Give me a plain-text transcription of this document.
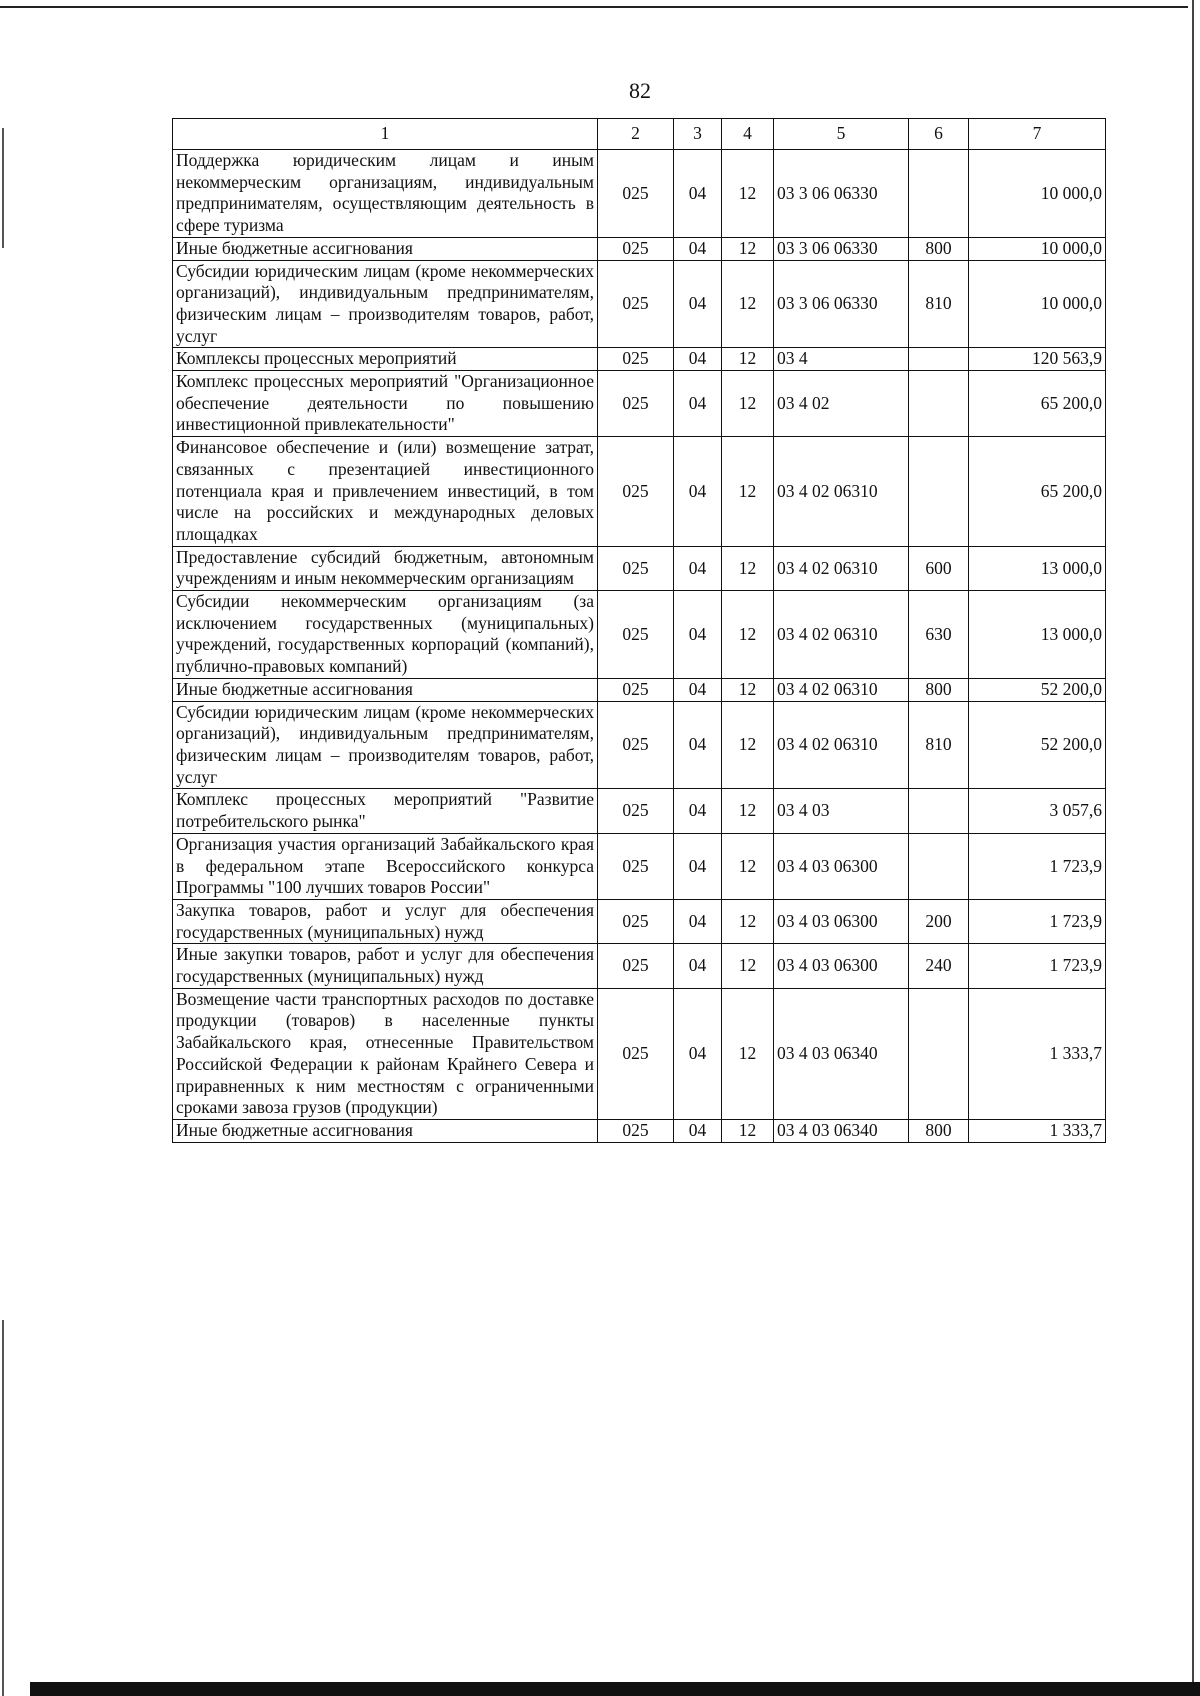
82
1	2	3	4	5	6	7
Поддержка юридическим лицам и иным некоммерческим организациям, индивидуальным предпринимателям, осуществляющим деятельность в сфере туризма	025	04	12	03 3 06 06330		10 000,0
Иные бюджетные ассигнования	025	04	12	03 3 06 06330	800	10 000,0
Субсидии юридическим лицам (кроме некоммерческих организаций), индивидуальным предпринимателям, физическим лицам – производителям товаров, работ, услуг	025	04	12	03 3 06 06330	810	10 000,0
Комплексы процессных мероприятий	025	04	12	03 4		120 563,9
Комплекс процессных мероприятий "Организационное обеспечение деятельности по повышению инвестиционной привлекательности"	025	04	12	03 4 02		65 200,0
Финансовое обеспечение и (или) возмещение затрат, связанных с презентацией инвестиционного потенциала края и привлечением инвестиций, в том числе на российских и международных деловых площадках	025	04	12	03 4 02 06310		65 200,0
Предоставление субсидий бюджетным, автономным учреждениям и иным некоммерческим организациям	025	04	12	03 4 02 06310	600	13 000,0
Субсидии некоммерческим организациям (за исключением государственных (муниципальных) учреждений, государственных корпораций (компаний), публично-правовых компаний)	025	04	12	03 4 02 06310	630	13 000,0
Иные бюджетные ассигнования	025	04	12	03 4 02 06310	800	52 200,0
Субсидии юридическим лицам (кроме некоммерческих организаций), индивидуальным предпринимателям, физическим лицам – производителям товаров, работ, услуг	025	04	12	03 4 02 06310	810	52 200,0
Комплекс процессных мероприятий "Развитие потребительского рынка"	025	04	12	03 4 03		3 057,6
Организация участия организаций Забайкальского края в федеральном этапе Всероссийского конкурса Программы "100 лучших товаров России"	025	04	12	03 4 03 06300		1 723,9
Закупка товаров, работ и услуг для обеспечения государственных (муниципальных) нужд	025	04	12	03 4 03 06300	200	1 723,9
Иные закупки товаров, работ и услуг для обеспечения государственных (муниципальных) нужд	025	04	12	03 4 03 06300	240	1 723,9
Возмещение части транспортных расходов по доставке продукции (товаров) в населенные пункты Забайкальского края, отнесенные Правительством Российской Федерации к районам Крайнего Севера и приравненных к ним местностям с ограниченными сроками завоза грузов (продукции)	025	04	12	03 4 03 06340		1 333,7
Иные бюджетные ассигнования	025	04	12	03 4 03 06340	800	1 333,7
